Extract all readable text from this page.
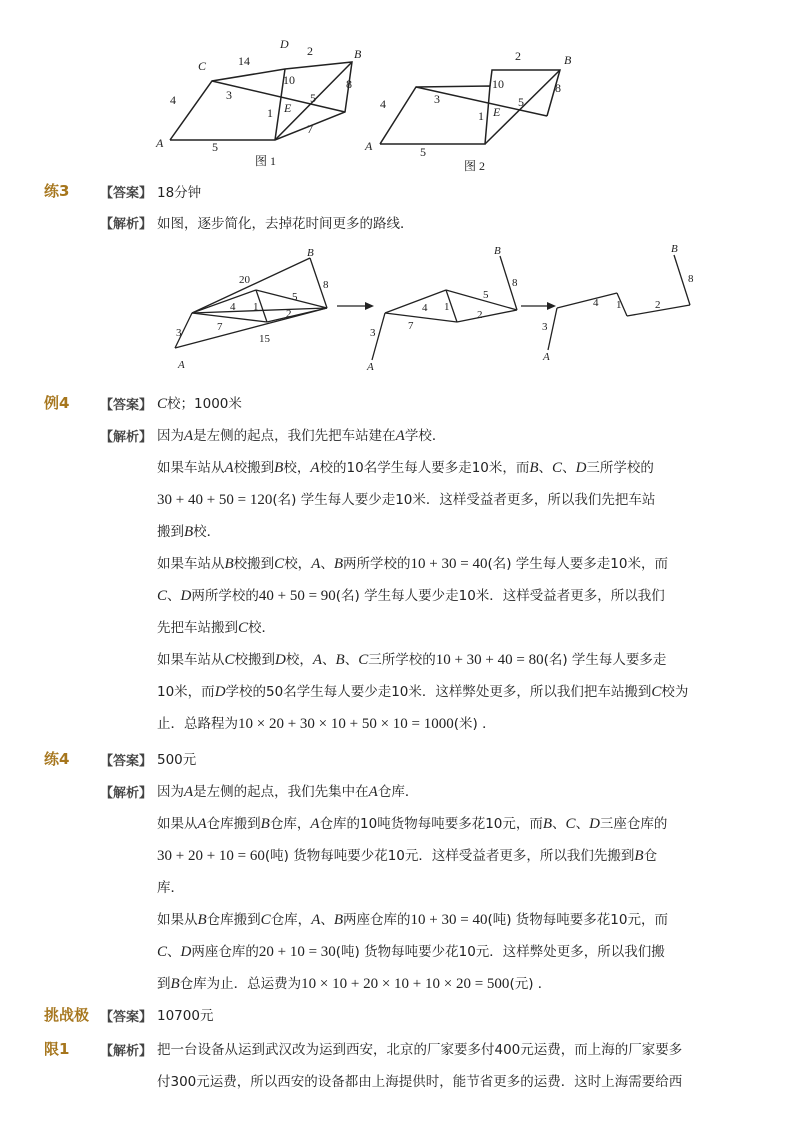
A
C
D
B
E
4
14
2
3
10	8
1
5
5
7
图 1
A
B
E
4	3
2
10	8
1
5
5
图 2
练3 【答案】 18分钟
【解析】 如图，逐步简化，去掉花时间更多的路线．
B
A
20	8
3
4 1
5
2
7
15
B
A
8
3
4 1
5
2
7
B
A
8
3
4 1	2
例4 【答案】 C校；1000米
【解析】 因为A是左侧的起点，我们先把车站建在A学校．
如果车站从A校搬到B校，A校的10名学生每人要多走10米，而B、C、D三所学校的
30 + 40 + 50 = 120(名) 学生每人要少走10米．这样受益者更多，所以我们先把车站
搬到B校．
如果车站从B校搬到C校，A、B两所学校的10 + 30 = 40(名) 学生每人要多走10米，而
C、D两所学校的40 + 50 = 90(名) 学生每人要少走10米．这样受益者更多，所以我们
先把车站搬到C校．
如果车站从C校搬到D校，A、B、C三所学校的10 + 30 + 40 = 80(名) 学生每人要多走
10米，而D学校的50名学生每人要少走10米．这样弊处更多，所以我们把车站搬到C校为
止．总路程为10 × 20 + 30 × 10 + 50 × 10 = 1000(米) ．
练4 【答案】 500元
【解析】 因为A是左侧的起点，我们先集中在A仓库．
如果从A仓库搬到B仓库，A仓库的10吨货物每吨要多花10元，而B、C、D三座仓库的
30 + 20 + 10 = 60(吨) 货物每吨要少花10元．这样受益者更多，所以我们先搬到B仓
库．
如果从B仓库搬到C仓库，A、B两座仓库的10 + 30 = 40(吨) 货物每吨要多花10元，而
C、D两座仓库的20 + 10 = 30(吨) 货物每吨要少花10元．这样弊处更多，所以我们搬
到B仓库为止．总运费为10 × 10 + 20 × 10 + 10 × 20 = 500(元) ．
挑战极 【答案】 10700元
限1 【解析】 把一台设备从运到武汉改为运到西安，北京的厂家要多付400元运费，而上海的厂家要多
付300元运费，所以西安的设备都由上海提供时，能节省更多的运费．这时上海需要给西
